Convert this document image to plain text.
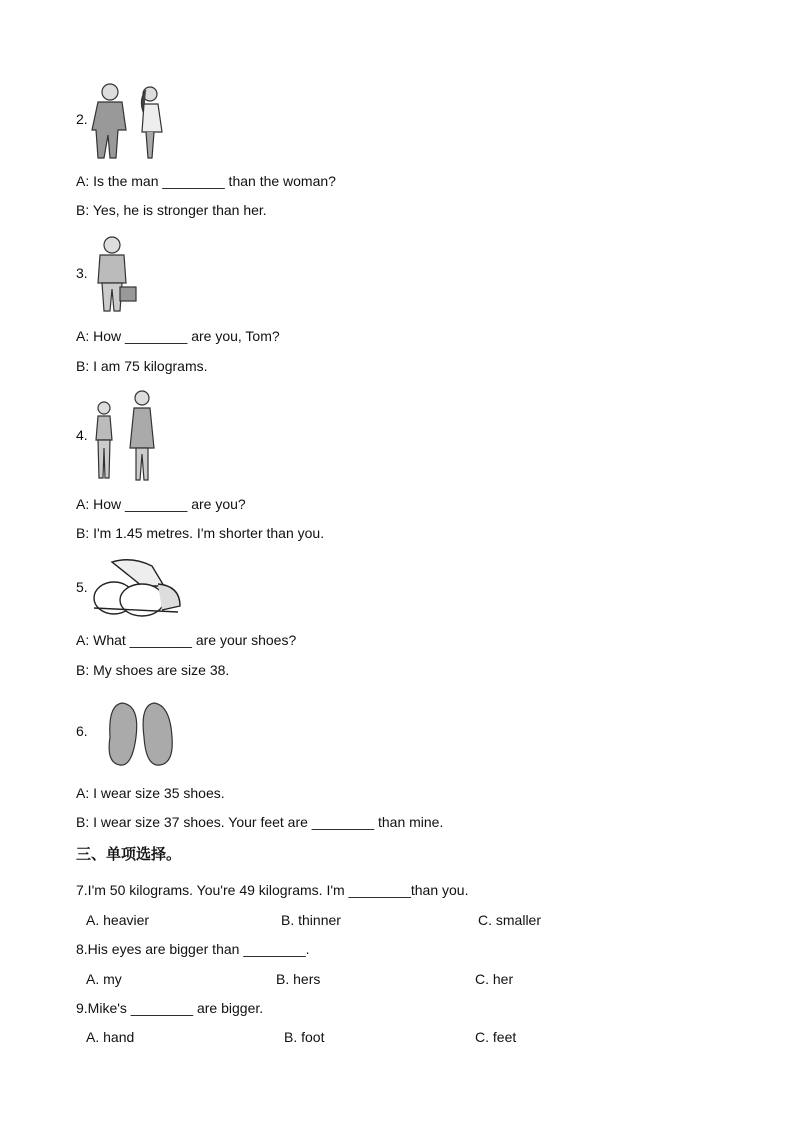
2.
A: Is the man ________ than the woman?
B: Yes, he is stronger than her.
3.
A: How ________ are you, Tom?
B: I am 75 kilograms.
4.
A: How ________ are you?
B: I'm 1.45 metres. I'm shorter than you.
5.
A: What ________ are your shoes?
B: My shoes are size 38.
6.
A: I wear size 35 shoes.
B: I wear size 37 shoes. Your feet are ________ than mine.
三、单项选择。
7.I'm 50 kilograms. You're 49 kilograms. I'm ________than you.
A. heavier	B. thinner	C. smaller
8.His eyes are bigger than ________.
A. my	B. hers	C. her
9.Mike's ________ are bigger.
A. hand	B. foot	C. feet
